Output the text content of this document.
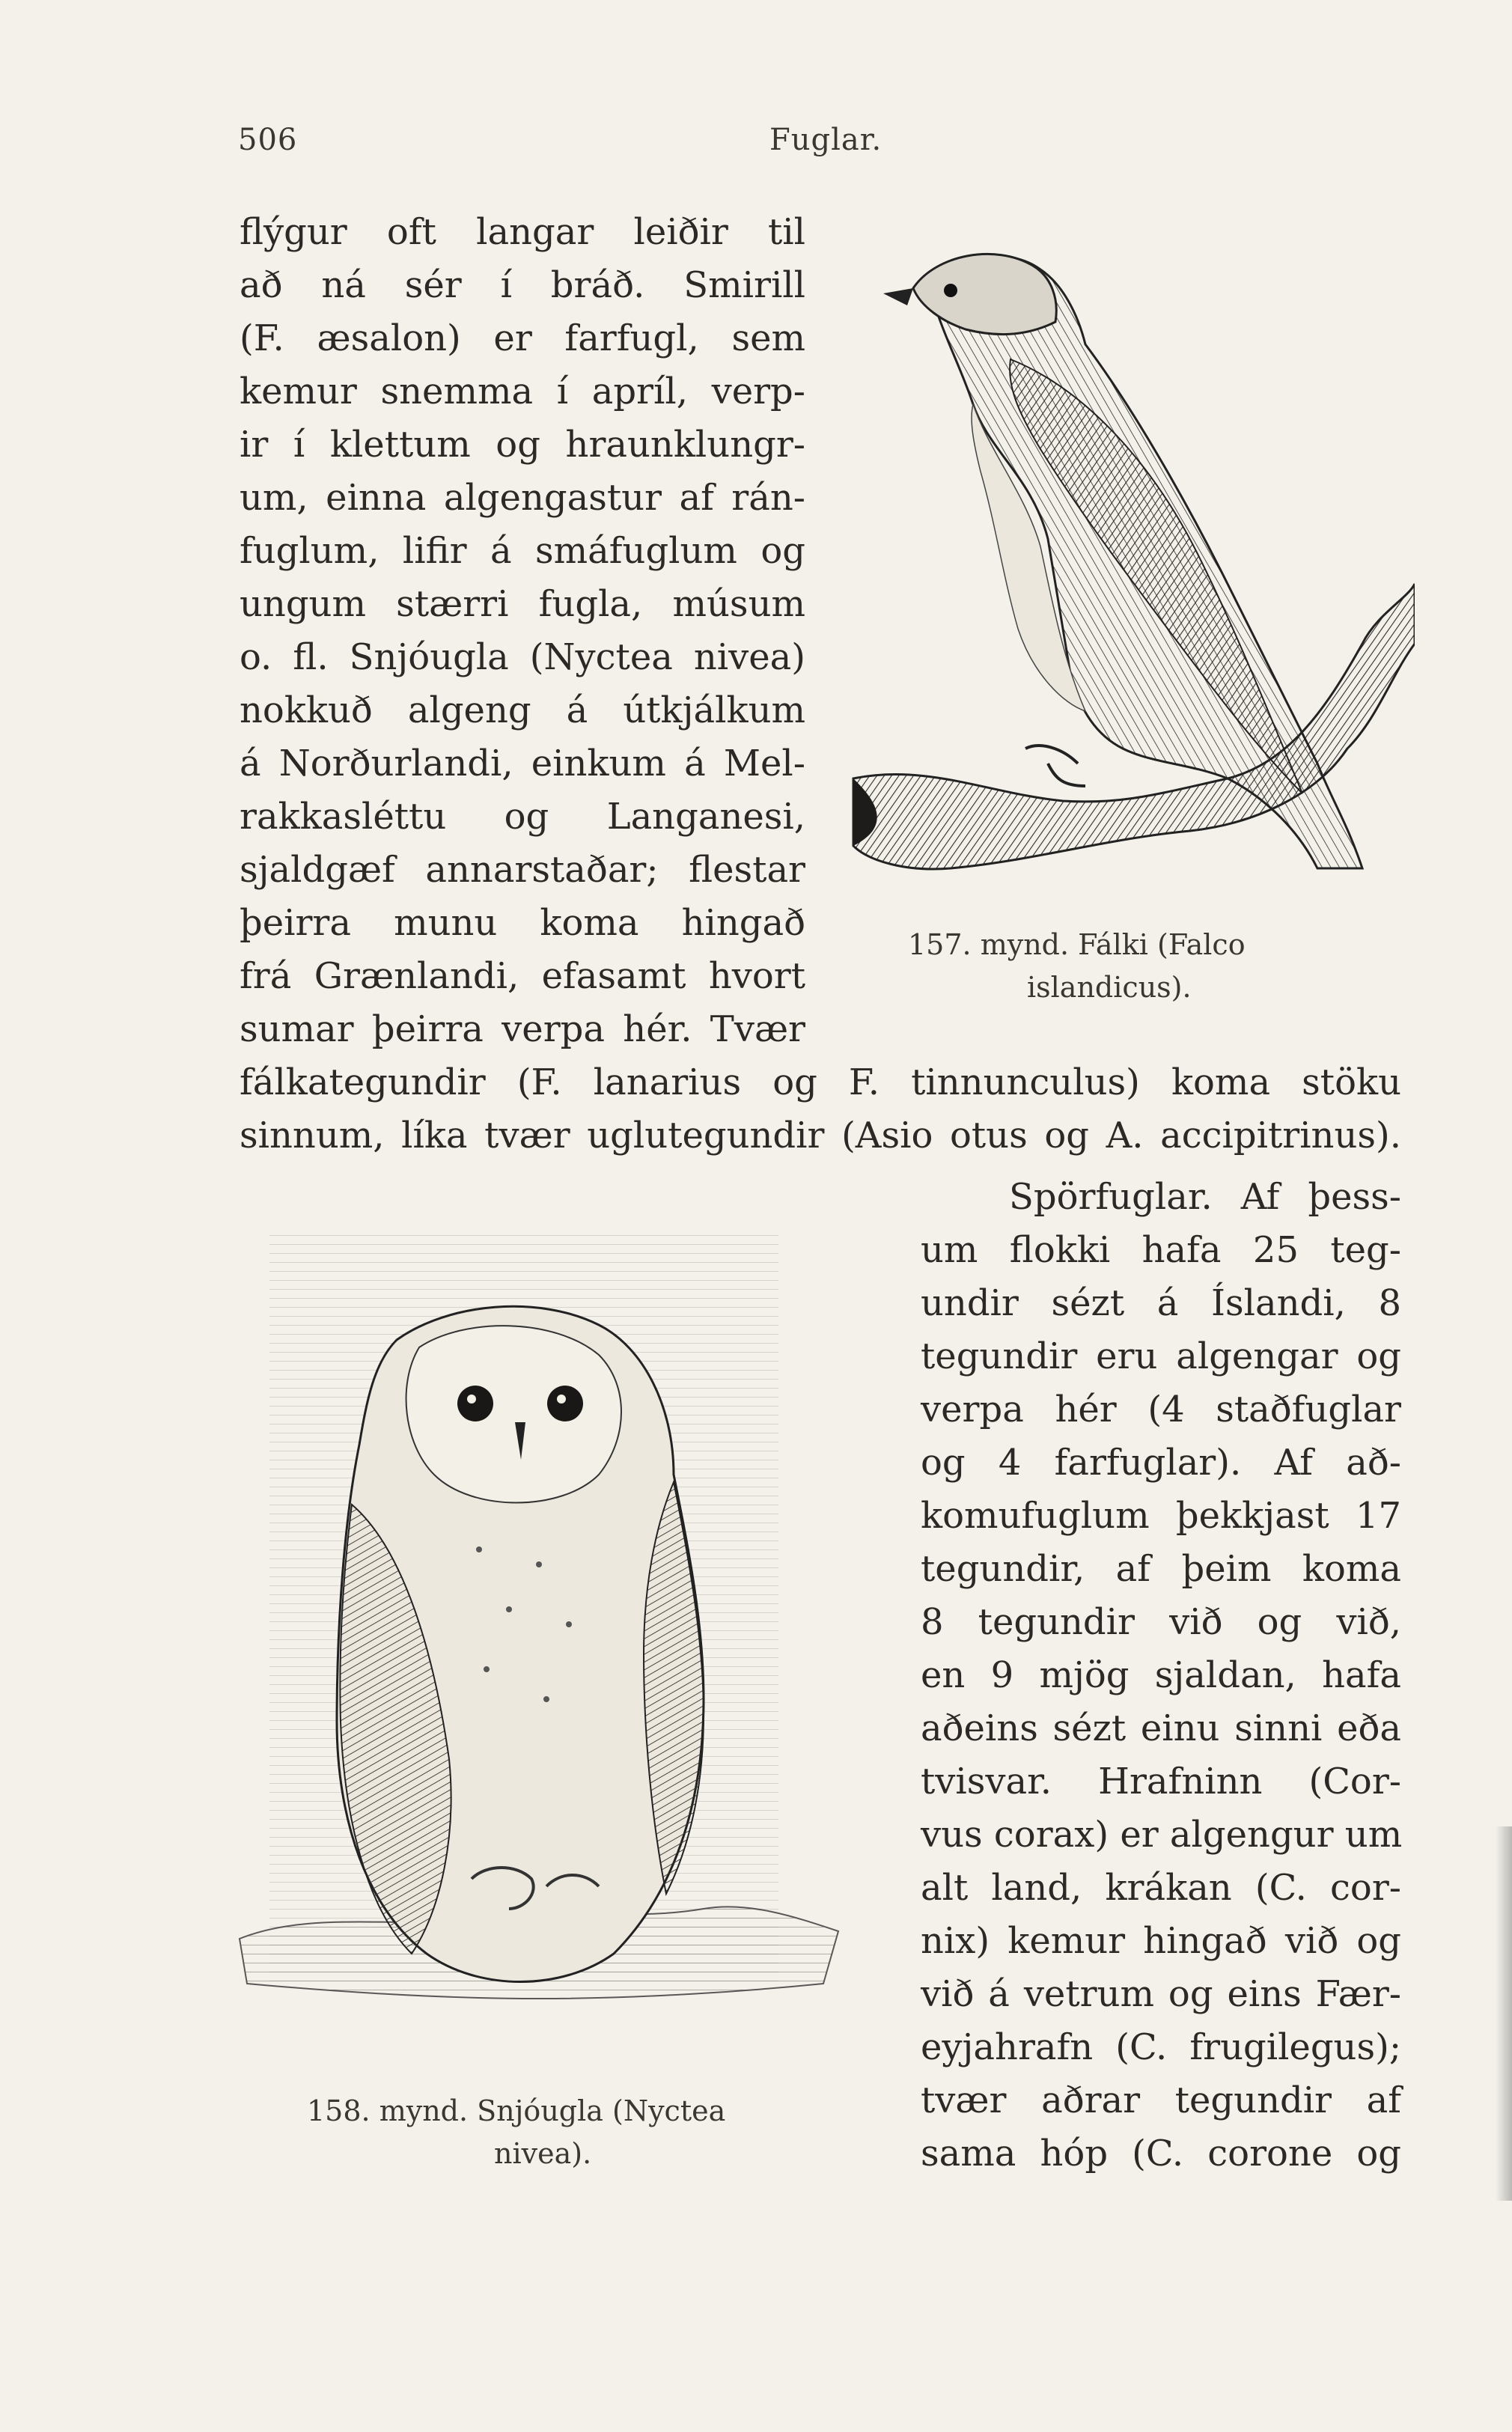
506	Fuglar.
flýgur oft langar leiðir til
að ná sér í bráð. Smirill
(F. æsalon) er farfugl, sem
kemur snemma í apríl, verp-
ir í klettum og hraunklungr-
um, einna algengastur af rán-
fuglum, lifir á smáfuglum og
ungum stærri fugla, músum
o. fl. Snjóugla (Nyctea nivea)
nokkuð algeng á útkjálkum
á Norðurlandi, einkum á Mel-
rakkasléttu og Langanesi,
sjaldgæf annarstaðar; flestar
þeirra munu koma hingað
frá Grænlandi, efasamt hvort
sumar þeirra verpa hér. Tvær
fálkategundir (F. lanarius og F. tinnunculus) koma stöku
sinnum, líka tvær uglutegundir (Asio otus og A. accipitrinus).
Spörfuglar. Af þess-
um flokki hafa 25 teg-
undir sézt á Íslandi, 8
tegundir eru algengar og
verpa hér (4 staðfuglar
og 4 farfuglar). Af að-
komufuglum þekkjast 17
tegundir, af þeim koma
8 tegundir við og við,
en 9 mjög sjaldan, hafa
aðeins sézt einu sinni eða
tvisvar. Hrafninn (Cor-
vus corax) er algengur um
alt land, krákan (C. cor-
nix) kemur hingað við og
við á vetrum og eins Fær-
eyjahrafn (C. frugilegus);
tvær aðrar tegundir af
sama hóp (C. corone og
157. mynd. Fálki (Falco
islandicus).
158. mynd. Snjóugla (Nyctea
nivea).
